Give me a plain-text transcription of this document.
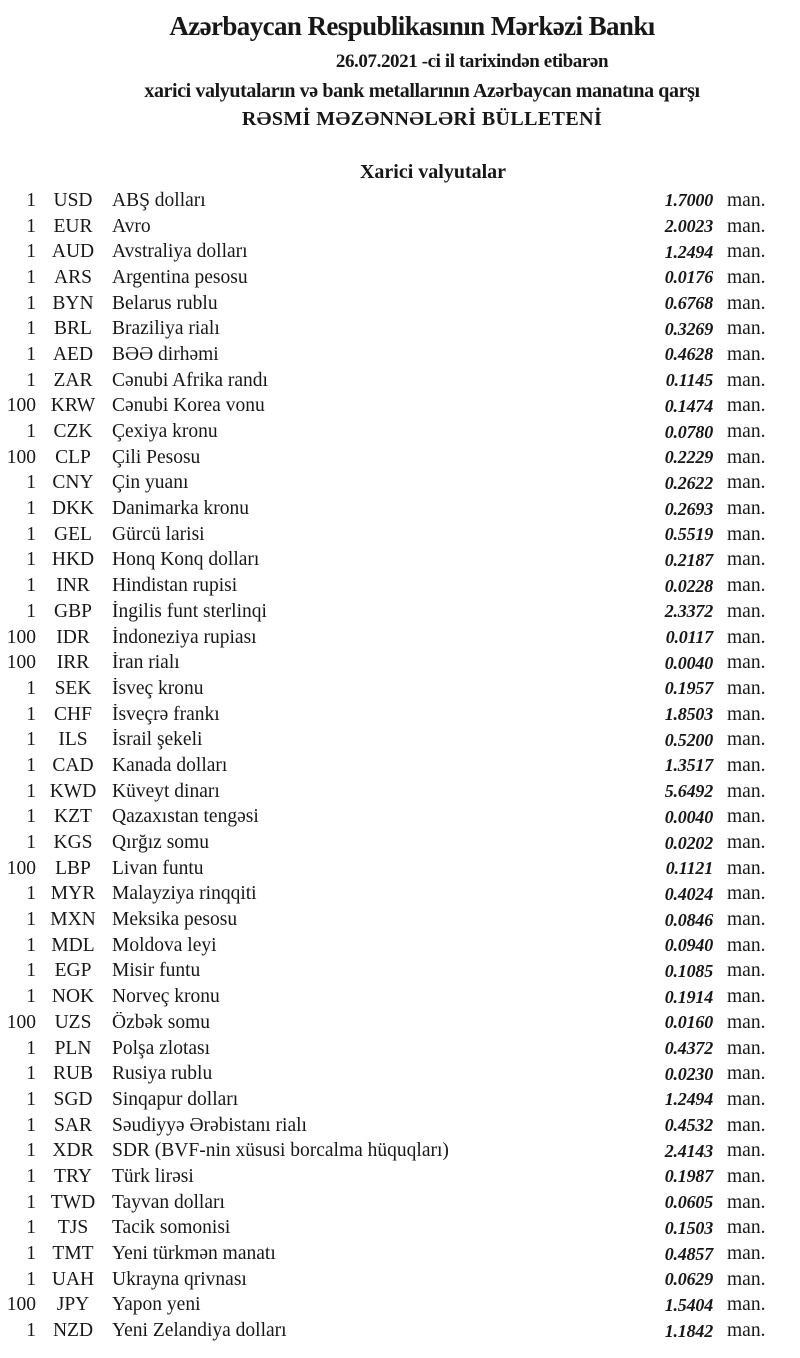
Azərbaycan Respublikasının Mərkəzi Bankı
26.07.2021 -ci il tarixindən etibarən
xarici valyutaların və bank metallarının Azərbaycan manatına qarşı
RƏSMİ MƏZƏNNƏLƏRİ BÜLLETENİ
Xarici valyutalar
1 USD	ABŞ dolları	1.7000 man.
1 EUR	Avro	2.0023 man.
1 AUD Avstraliya dolları	1.2494 man.
1 ARS	Argentina pesosu	0.0176 man.
1 BYN Belarus rublu	0.6768 man.
1 BRL	Braziliya rialı	0.3269 man.
1 AED BƏƏ dirhəmi	0.4628 man.
1 ZAR	Cənubi Afrika randı	0.1145 man.
100 KRW Cənubi Korea vonu	0.1474 man.
1 CZK	Çexiya kronu	0.0780 man.
100 CLP	Çili Pesosu	0.2229 man.
1 CNY Çin yuanı	0.2622 man.
1 DKK Danimarka kronu	0.2693 man.
1 GEL	Gürcü larisi	0.5519 man.
1 HKD Honq Konq dolları	0.2187 man.
1	INR	Hindistan rupisi	0.0228 man.
1 GBP	İngilis funt sterlinqi	2.3372 man.
100	IDR	İndoneziya rupiası	0.0117 man.
100	IRR	İran rialı	0.0040 man.
1 SEK	İsveç kronu	0.1957 man.
1 CHF	İsveçrə frankı	1.8503 man.
1	ILS	İsrail şekeli	0.5200 man.
1 CAD Kanada dolları	1.3517 man.
1 KWD Küveyt dinarı	5.6492 man.
1 KZT	Qazaxıstan tengəsi	0.0040 man.
1 KGS	Qırğız somu	0.0202 man.
100 LBP	Livan funtu	0.1121 man.
1 MYR Malayziya rinqqiti	0.4024 man.
1 MXN Meksika pesosu	0.0846 man.
1 MDL Moldova leyi	0.0940 man.
1 EGP	Misir funtu	0.1085 man.
1 NOK Norveç kronu	0.1914 man.
100 UZS	Özbək somu	0.0160 man.
1 PLN	Polşa zlotası	0.4372 man.
1 RUB Rusiya rublu	0.0230 man.
1 SGD	Sinqapur dolları	1.2494 man.
1 SAR	Səudiyyə Ərəbistanı rialı	0.4532 man.
1 XDR SDR (BVF-nin xüsusi borcalma hüquqları)	2.4143 man.
1 TRY	Türk lirəsi	0.1987 man.
1 TWD Tayvan dolları	0.0605 man.
1	TJS	Tacik somonisi	0.1503 man.
1 TMT Yeni türkmən manatı	0.4857 man.
1 UAH Ukrayna qrivnası	0.0629 man.
100	JPY	Yapon yeni	1.5404 man.
1 NZD Yeni Zelandiya dolları	1.1842 man.
